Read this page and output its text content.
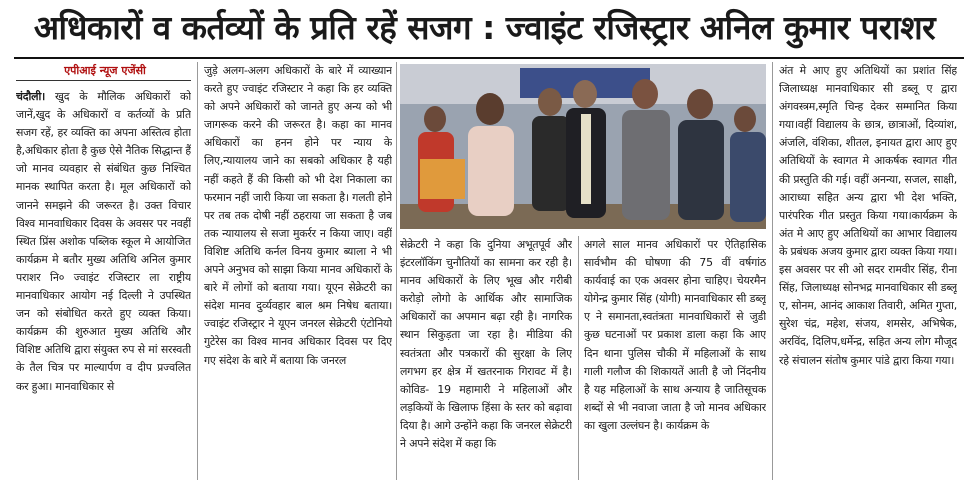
अधिकारों व कर्तव्यों के प्रति रहें सजग : ज्वाइंट रजिस्ट्रार अनिल कुमार पराशर
एपीआई न्यूज एजेंसी
चंदौली। खुद के मौलिक अधिकारों को जानें,खुद के अधिकारों व कर्तव्यों के प्रति सजग रहें, हर व्यक्ति का अपना अस्तित्व होता है,अधिकार होता है कुछ ऐसे नैतिक सिद्धान्त हैं जो मानव व्यवहार से संबंधित कुछ निश्चित मानक स्थापित करता है। मूल अधिकारों को जानने समझने की जरूरत है। उक्त विचार विश्व मानवाधिकार दिवस के अवसर पर नवहीं स्थित प्रिंस अशोक पब्लिक स्कूल मे आयोजित कार्यक्रम मे बतौर मुख्य अतिथि अनिल कुमार पराशर नि० ज्वाइंट रजिस्टार ला राष्ट्रीय मानवाधिकार आयोग नई दिल्ली ने उपस्थित जन को संबोधित करते हुए व्यक्त किया। कार्यक्रम की शुरुआत मुख्य अतिथि और विशिष्ट अतिथि द्वारा संयुक्त रुप से मां सरस्वती के तैल चित्र पर माल्यार्पण व दीप प्रज्वलित कर हुआ। मानवाधिकार से
जुड़े अलग-अलग अधिकारों के बारे में व्याख्यान करते हुए ज्वाइंट रजिस्टार ने कहा कि हर व्यक्ति को अपने अधिकारों को जानते हुए अन्य को भी जागरूक करने की जरूरत है। कहा का मानव अधिकारों का हनन होने पर न्याय के लिए,न्यायालय जाने का सबको अधिकार है यही नहीं कहते हैं की किसी को भी देश निकाला का फरमान नहीं जारी किया जा सकता है। गलती होने पर तब तक दोषी नहीं ठहराया जा सकता है जब तक न्यायालय से सजा मुकर्रर न किया जाए। वहीं विशिष्ट अतिथि कर्नल विनय कुमार ब्याला ने भी अपने अनुभव को साझा किया मानव अधिकारों के बारे में लोगों को बताया गया। यूएन सेक्रेटरी का संदेश मानव दुर्व्यवहार बाल श्रम निषेध बताया। ज्वाइंट रजिस्ट्रार ने यूएन जनरल सेक्रेटरी एंटोनियो गुटेरेस का विश्व मानव अधिकार दिवस पर दिए गए संदेश के बारे में बताया कि जनरल
सेक्रेटरी ने कहा कि दुनिया अभूतपूर्व और इंटरलॉकिंग चुनौतियों का सामना कर रही है। मानव अधिकारों के लिए भूख और गरीबी करोड़ो लोगो के आर्थिक और सामाजिक अधिकारों का अपमान बढ़ा रही है। नागरिक स्थान सिकुड़ता जा रहा है। मीडिया की स्वतंत्रता और पत्रकारों की सुरक्षा के लिए लगभग हर क्षेत्र में खतरनाक गिरावट में है। कोविड- 19 महामारी ने महिलाओं और लड़कियों के खिलाफ हिंसा के स्तर को बढ़ावा दिया है। आगे उन्होंने कहा कि जनरल सेक्रेटरी ने अपने संदेश में कहा कि
अगले साल मानव अधिकारों पर ऐतिहासिक सार्वभौम की घोषणा की 75 वीं वर्षगांठ कार्यवाई का एक अवसर होना चाहिए। चेयरमैन योगेन्द्र कुमार सिंह (योगी) मानवाधिकार सी डब्लू ए ने समानता,स्वतंत्रता मानवाधिकारों से जुडी कुछ घटनाओं पर प्रकाश डाला कहा कि आए दिन थाना पुलिस चौकी में महिलाओं के साथ गाली गलौज की शिकायतें आती है जो निंदनीय है यह महिलाओं के साथ अन्याय है जातिसूचक शब्दों से भी नवाजा जाता है जो मानव अधिकार का खुला उल्लंघन है। कार्यक्रम के
अंत मे आए हुए अतिथियों का प्रशांत सिंह जिलाध्यक्ष मानवाधिकार सी डब्लू ए द्वारा अंगवस्त्रम,स्मृति चिन्ह देकर सम्मानित किया गया।वहीं विद्यालय के छात्र, छात्राओं, दिव्यांश, अंजलि, वंशिका, शीतल, इनायत द्वारा आए हुए अतिथियों के स्वागत मे आकर्षक स्वागत गीत की प्रस्तुति की गई। वहीं अनन्या, सजल, साक्षी, आराध्या सहित अन्य द्वारा भी देश भक्ति, पारंपरिक गीत प्रस्तुत किया गया।कार्यक्रम के अंत मे आए हुए अतिथियों का आभार विद्यालय के प्रबंधक अजय कुमार द्वारा व्यक्त किया गया। इस अवसर पर सी ओ सदर रामवीर सिंह, रीना सिंह, जिलाध्यक्ष सोनभद्र मानवाधिकार सी डब्लू ए, सोनम, आनंद आकाश तिवारी, अमित गुप्ता, सुरेश चंद्र, महेश, संजय, शमसेर, अभिषेक, अरविंद, दिलिप,धर्मेन्द्र, सहित अन्य लोग मौजूद रहे संचालन संतोष कुमार पांडे द्वारा किया गया।
